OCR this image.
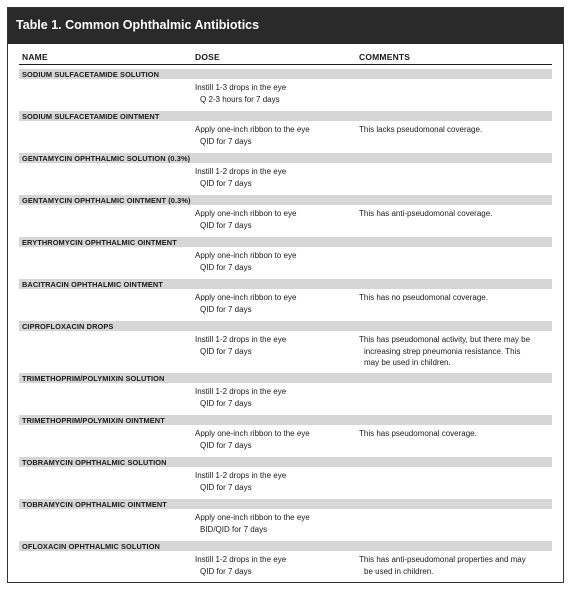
Table 1. Common Ophthalmic Antibiotics
NAME	DOSE	COMMENTS
SODIUM SULFACETAMIDE SOLUTION
Instill 1-3 drops in the eye
Q 2-3 hours for 7 days
SODIUM SULFACETAMIDE OINTMENT
Apply one-inch ribbon to the eye
QID for 7 days
This lacks pseudomonal coverage.
GENTAMYCIN OPHTHALMIC SOLUTION (0.3%)
Instill 1-2 drops in the eye
QID for 7 days
GENTAMYCIN OPHTHALMIC OINTMENT (0.3%)
Apply one-inch ribbon to eye
QID for 7 days
This has anti-pseudomonal coverage.
ERYTHROMYCIN OPHTHALMIC OINTMENT
Apply one-inch ribbon to eye
QID for 7 days
BACITRACIN OPHTHALMIC OINTMENT
Apply one-inch ribbon to eye
QID for 7 days
This has no pseudomonal coverage.
CIPROFLOXACIN DROPS
Instill 1-2 drops in the eye
QID for 7 days
This has pseudomonal activity, but there may be
increasing strep pneumonia resistance. This
may be used in children.
TRIMETHOPRIM/POLYMIXIN SOLUTION
Instill 1-2 drops in the eye
QID for 7 days
TRIMETHOPRIM/POLYMIXIN OINTMENT
Apply one-inch ribbon to the eye
QID for 7 days
This has pseudomonal coverage.
TOBRAMYCIN OPHTHALMIC SOLUTION
Instill 1-2 drops in the eye
QID for 7 days
TOBRAMYCIN OPHTHALMIC OINTMENT
Apply one-inch ribbon to the eye
BID/QID for 7 days
OFLOXACIN OPHTHALMIC SOLUTION
Instill 1-2 drops in the eye
QID for 7 days
This has anti-pseudomonal properties and may
be used in children.
